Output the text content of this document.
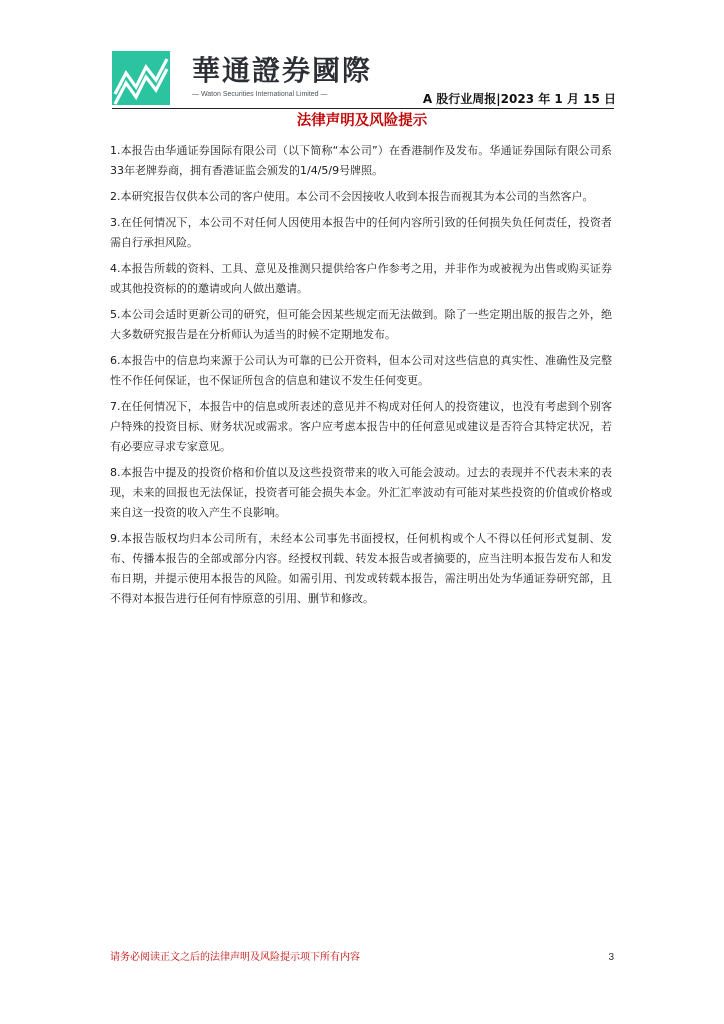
華通證券國際
— Waton Securities International Limited —	A 股行业周报|2023 年 1 月 15 日
法律声明及风险提示

1.本报告由华通证券国际有限公司（以下简称“本公司”）在香港制作及发布。华通证券国际有限公司系33年老牌券商，拥有香港证监会颁发的1/4/5/9号牌照。

2.本研究报告仅供本公司的客户使用。本公司不会因接收人收到本报告而视其为本公司的当然客户。

3.在任何情况下，本公司不对任何人因使用本报告中的任何内容所引致的任何损失负任何责任，投资者需自行承担风险。

4.本报告所载的资料、工具、意见及推测只提供给客户作参考之用，并非作为或被视为出售或购买证券或其他投资标的的邀请或向人做出邀请。

5.本公司会适时更新公司的研究，但可能会因某些规定而无法做到。除了一些定期出版的报告之外，绝大多数研究报告是在分析师认为适当的时候不定期地发布。

6.本报告中的信息均来源于公司认为可靠的已公开资料，但本公司对这些信息的真实性、准确性及完整性不作任何保证，也不保证所包含的信息和建议不发生任何变更。

7.在任何情况下，本报告中的信息或所表述的意见并不构成对任何人的投资建议，也没有考虑到个别客户特殊的投资目标、财务状况或需求。客户应考虑本报告中的任何意见或建议是否符合其特定状况，若有必要应寻求专家意见。

8.本报告中提及的投资价格和价值以及这些投资带来的收入可能会波动。过去的表现并不代表未来的表现，未来的回报也无法保证，投资者可能会损失本金。外汇汇率波动有可能对某些投资的价值或价格或来自这一投资的收入产生不良影响。

9.本报告版权均归本公司所有，未经本公司事先书面授权，任何机构或个人不得以任何形式复制、发布、传播本报告的全部或部分内容。经授权刊载、转发本报告或者摘要的，应当注明本报告发布人和发布日期，并提示使用本报告的风险。如需引用、刊发或转载本报告，需注明出处为华通证券研究部，且不得对本报告进行任何有悖原意的引用、删节和修改。

请务必阅读正文之后的法律声明及风险提示项下所有内容	3
